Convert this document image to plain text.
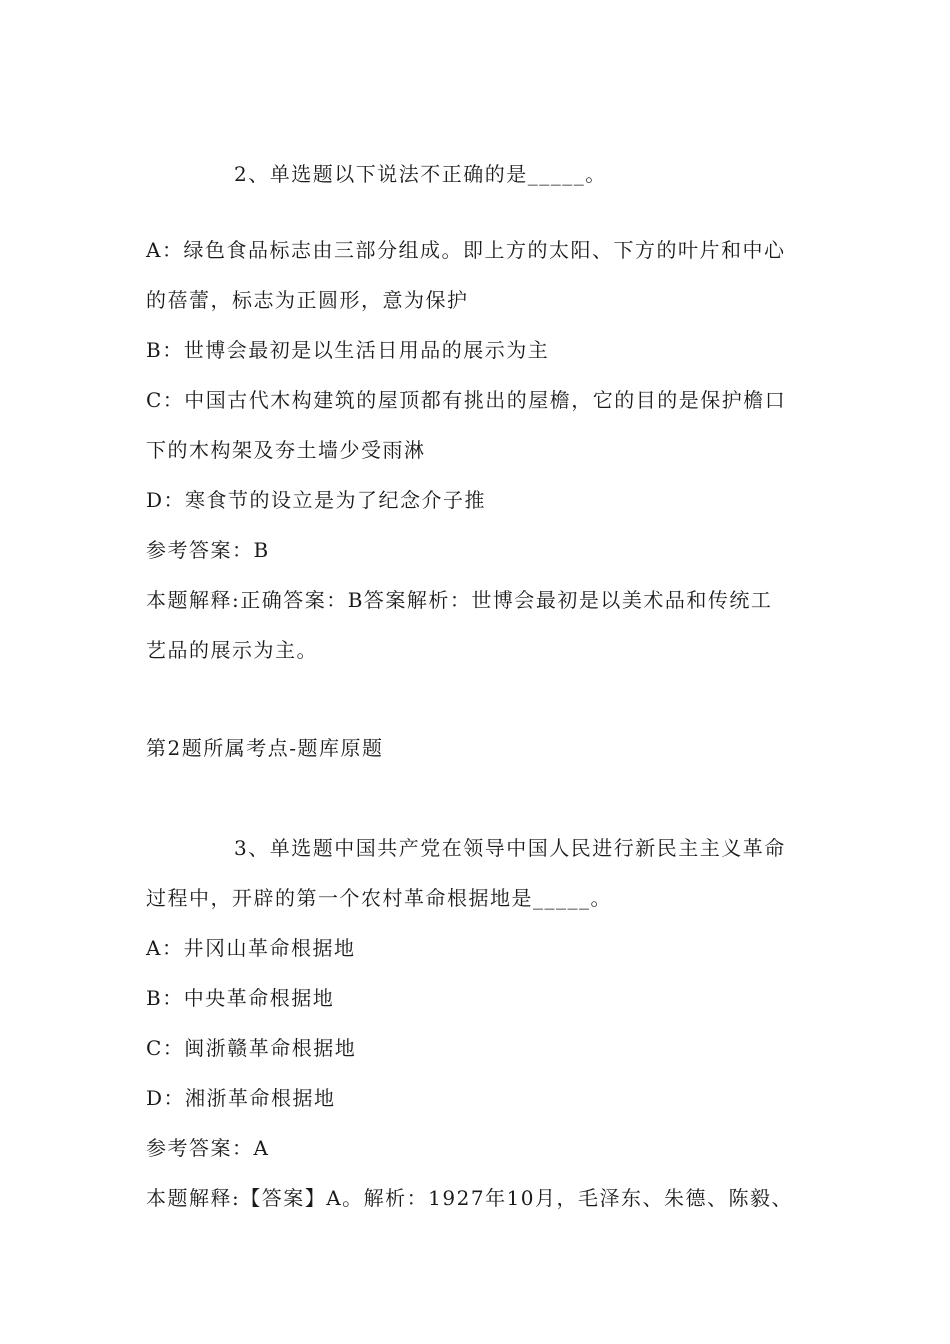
2、单选题以下说法不正确的是_____。
A：绿色食品标志由三部分组成。即上方的太阳、下方的叶片和中心
的蓓蕾，标志为正圆形，意为保护
B：世博会最初是以生活日用品的展示为主
C：中国古代木构建筑的屋顶都有挑出的屋檐，它的目的是保护檐口
下的木构架及夯土墙少受雨淋
D：寒食节的设立是为了纪念介子推
参考答案：B
本题解释:正确答案：B答案解析：世博会最初是以美术品和传统工
艺品的展示为主。
第2题所属考点-题库原题
3、单选题中国共产党在领导中国人民进行新民主主义革命
过程中，开辟的第一个农村革命根据地是_____。
A：井冈山革命根据地
B：中央革命根据地
C：闽浙赣革命根据地
D：湘浙革命根据地
参考答案：A
本题解释:【答案】A。解析：1927年10月，毛泽东、朱德、陈毅、
